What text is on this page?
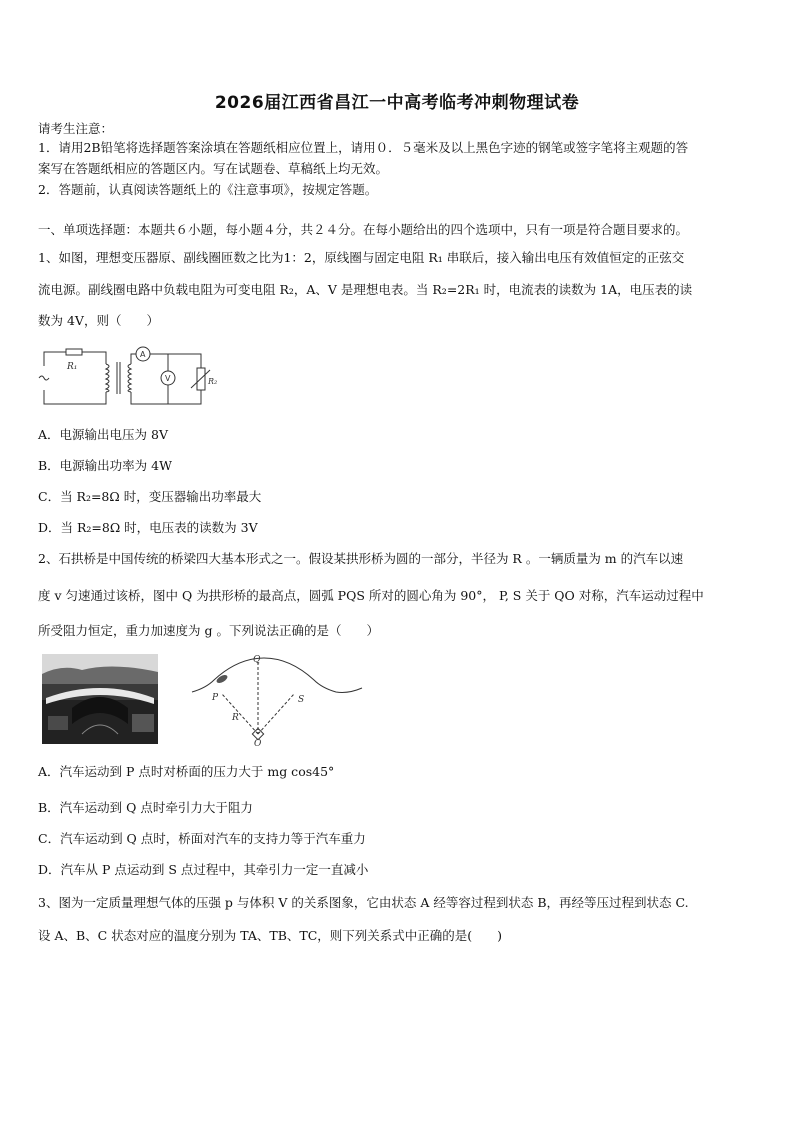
2026届江西省昌江一中高考临考冲刺物理试卷
请考生注意：
1．请用2B铅笔将选择题答案涂填在答题纸相应位置上，请用０．５毫米及以上黑色字迹的钢笔或签字笔将主观题的答
案写在答题纸相应的答题区内。写在试题卷、草稿纸上均无效。
2．答题前，认真阅读答题纸上的《注意事项》，按规定答题。
一、单项选择题：本题共６小题，每小题４分，共２４分。在每小题给出的四个选项中，只有一项是符合题目要求的。
1、如图，理想变压器原、副线圈匝数之比为1：2，原线圈与固定电阻 R₁ 串联后，接入输出电压有效值恒定的正弦交
流电源。副线圈电路中负载电阻为可变电阻 R₂，A、V 是理想电表。当 R₂=2R₁ 时，电流表的读数为 1A，电压表的读
数为 4V，则（　　）
R₁
A
V	R₂
A．电源输出电压为 8V
B．电源输出功率为 4W
C．当 R₂=8Ω 时，变压器输出功率最大
D．当 R₂=8Ω 时，电压表的读数为 3V
2、石拱桥是中国传统的桥梁四大基本形式之一。假设某拱形桥为圆的一部分，半径为 R 。一辆质量为 m 的汽车以速
度 v 匀速通过该桥，图中 Q 为拱形桥的最高点，圆弧 PQS 所对的圆心角为 90°， P, S 关于 QO 对称，汽车运动过程中
所受阻力恒定，重力加速度为 g 。下列说法正确的是（　　）
Q
P	S
R
O
A．汽车运动到 P 点时对桥面的压力大于 mg cos45°
B．汽车运动到 Q 点时牵引力大于阻力
C．汽车运动到 Q 点时，桥面对汽车的支持力等于汽车重力
D．汽车从 P 点运动到 S 点过程中，其牵引力一定一直减小
3、图为一定质量理想气体的压强 p 与体积 V 的关系图象，它由状态 A 经等容过程到状态 B，再经等压过程到状态 C.
设 A、B、C 状态对应的温度分别为 TA、TB、TC，则下列关系式中正确的是(　　)
